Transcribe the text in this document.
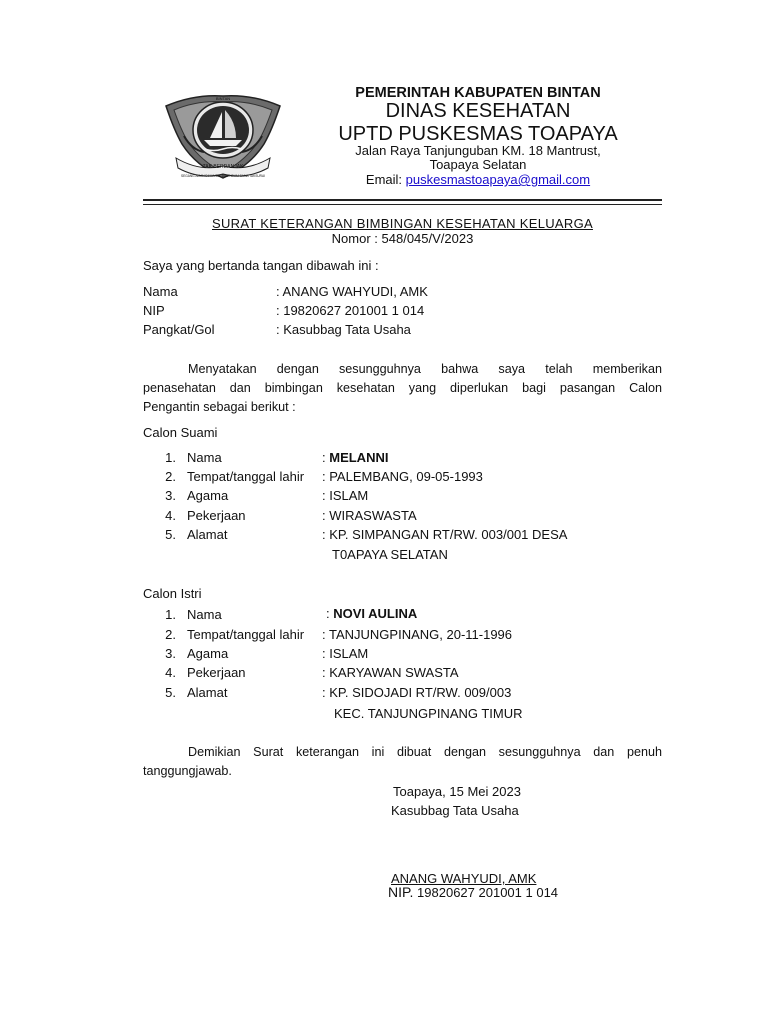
TAK BERDANJAK
SEGANG AMAN DIHAMBA, DIDENDAM SAMA TAKSURAI
BINTAN	PEMERINTAH KABUPATEN BINTAN
DINAS KESEHATAN
UPTD PUSKESMAS TOAPAYA
Jalan Raya Tanjunguban KM. 18 Mantrust,
Toapaya Selatan
Email: puskesmastoapaya@gmail.com
SURAT KETERANGAN BIMBINGAN KESEHATAN KELUARGA
Nomor : 548/045/V/2023
Saya yang bertanda tangan dibawah ini :
Nama	: ANANG WAHYUDI, AMK
NIP	: 19820627 201001 1 014
Pangkat/Gol	: Kasubbag Tata Usaha
Menyatakan dengan sesungguhnya bahwa saya telah memberikan
penasehatan dan bimbingan kesehatan yang diperlukan bagi pasangan Calon
Pengantin sebagai berikut :
Calon Suami
1. Nama	: MELANNI
2. Tempat/tanggal lahir : PALEMBANG, 09-05-1993
3. Agama	: ISLAM
4. Pekerjaan	: WIRASWASTA
5. Alamat	: KP. SIMPANGAN RT/RW. 003/001 DESA
T0APAYA SELATAN
Calon Istri
1. Nama	: NOVI AULINA
2. Tempat/tanggal lahir : TANJUNGPINANG, 20-11-1996
3. Agama	: ISLAM
4. Pekerjaan	: KARYAWAN SWASTA
5. Alamat	: KP. SIDOJADI RT/RW. 009/003
KEC. TANJUNGPINANG TIMUR
Demikian Surat keterangan ini dibuat dengan sesungguhnya dan penuh
tanggungjawab.
Toapaya, 15 Mei 2023
Kasubbag Tata Usaha
ANANG WAHYUDI, AMK
NIP. 19820627 201001 1 014
